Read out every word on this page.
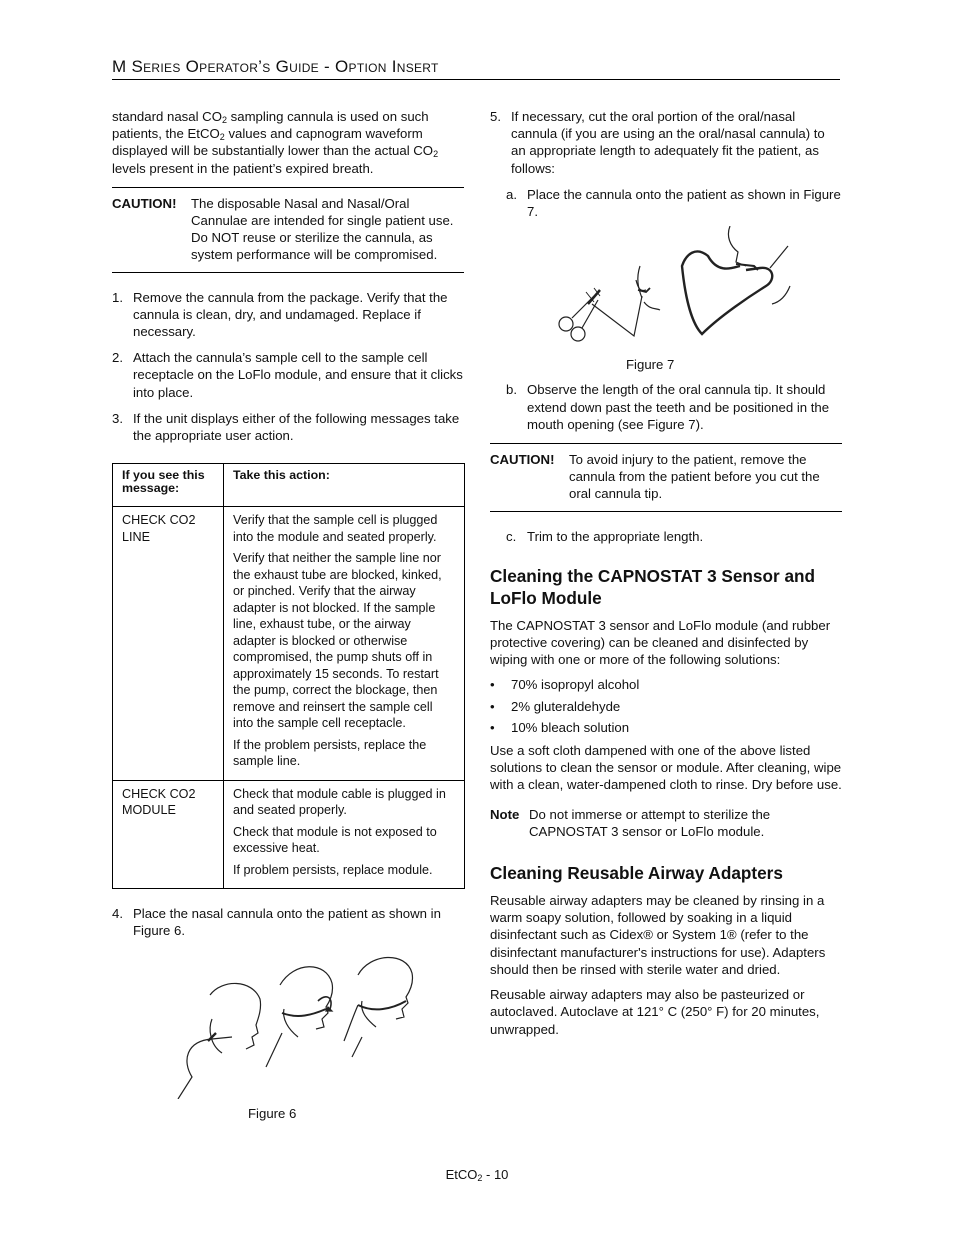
M Series Operator’s Guide - Option Insert

standard nasal $CO_2$ sampling cannula is used on such patients, the EtCO$_2$ values and capnogram waveform displayed will be substantially lower than the actual $CO_2$ levels present in the patient’s expired breath.

CAUTION!	The disposable Nasal and Nasal/Oral Cannulae are intended for single patient use. Do NOT reuse or sterilize the cannula, as system performance will be compromised.
1. Remove the cannula from the package. Verify that the cannula is clean, dry, and undamaged. Replace if necessary.
2. Attach the cannula’s sample cell to the sample cell receptacle on the LoFlo module, and ensure that it clicks into place.
3. If the unit displays either of the following messages take the appropriate user action.
If you see this message:	Take this action:
CHECK CO2 LINE	Verify that the sample cell is plugged into the module and seated properly.

Verify that neither the sample line nor the exhaust tube are blocked, kinked, or pinched. Verify that the airway adapter is not blocked. If the sample line, exhaust tube, or the airway adapter is blocked or otherwise compromised, the pump shuts off in approximately 15 seconds. To restart the pump, correct the blockage, then remove and reinsert the sample cell into the sample cell receptacle.

If the problem persists, replace the sample line.

CHECK CO2 MODULE	Check that module cable is plugged in and seated properly.

Check that module is not exposed to excessive heat.

If problem persists, replace module.

4. Place the nasal cannula onto the patient as shown in Figure 6.
Figure 6
5. If necessary, cut the oral portion of the oral/nasal cannula (if you are using an the oral/nasal cannula) to an appropriate length to adequately fit the patient, as follows:
a. Place the cannula onto the patient as shown in Figure 7.
Figure 7
b. Observe the length of the oral cannula tip. It should extend down past the teeth and be positioned in the mouth opening (see Figure 7).
CAUTION!	To avoid injury to the patient, remove the cannula from the patient before you cut the oral cannula tip.
c. Trim to the appropriate length.
Cleaning the CAPNOSTAT 3 Sensor and LoFlo Module

The CAPNOSTAT 3 sensor and LoFlo module (and rubber protective covering) can be cleaned and disinfected by wiping with one or more of the following solutions:

•	70% isopropyl alcohol
•	2% gluteraldehyde
•	10% bleach solution

Use a soft cloth dampened with one of the above listed solutions to clean the sensor or module. After cleaning, wipe with a clean, water-dampened cloth to rinse. Dry before use.

Note Do not immerse or attempt to sterilize the CAPNOSTAT 3 sensor or LoFlo module.
Cleaning Reusable Airway Adapters

Reusable airway adapters may be cleaned by rinsing in a warm soapy solution, followed by soaking in a liquid disinfectant such as Cidex® or System 1® (refer to the disinfectant manufacturer's instructions for use). Adapters should then be rinsed with sterile water and dried.

Reusable airway adapters may also be pasteurized or autoclaved. Autoclave at 121° C (250° F) for 20 minutes, unwrapped.

EtCO$_2$ - 10
